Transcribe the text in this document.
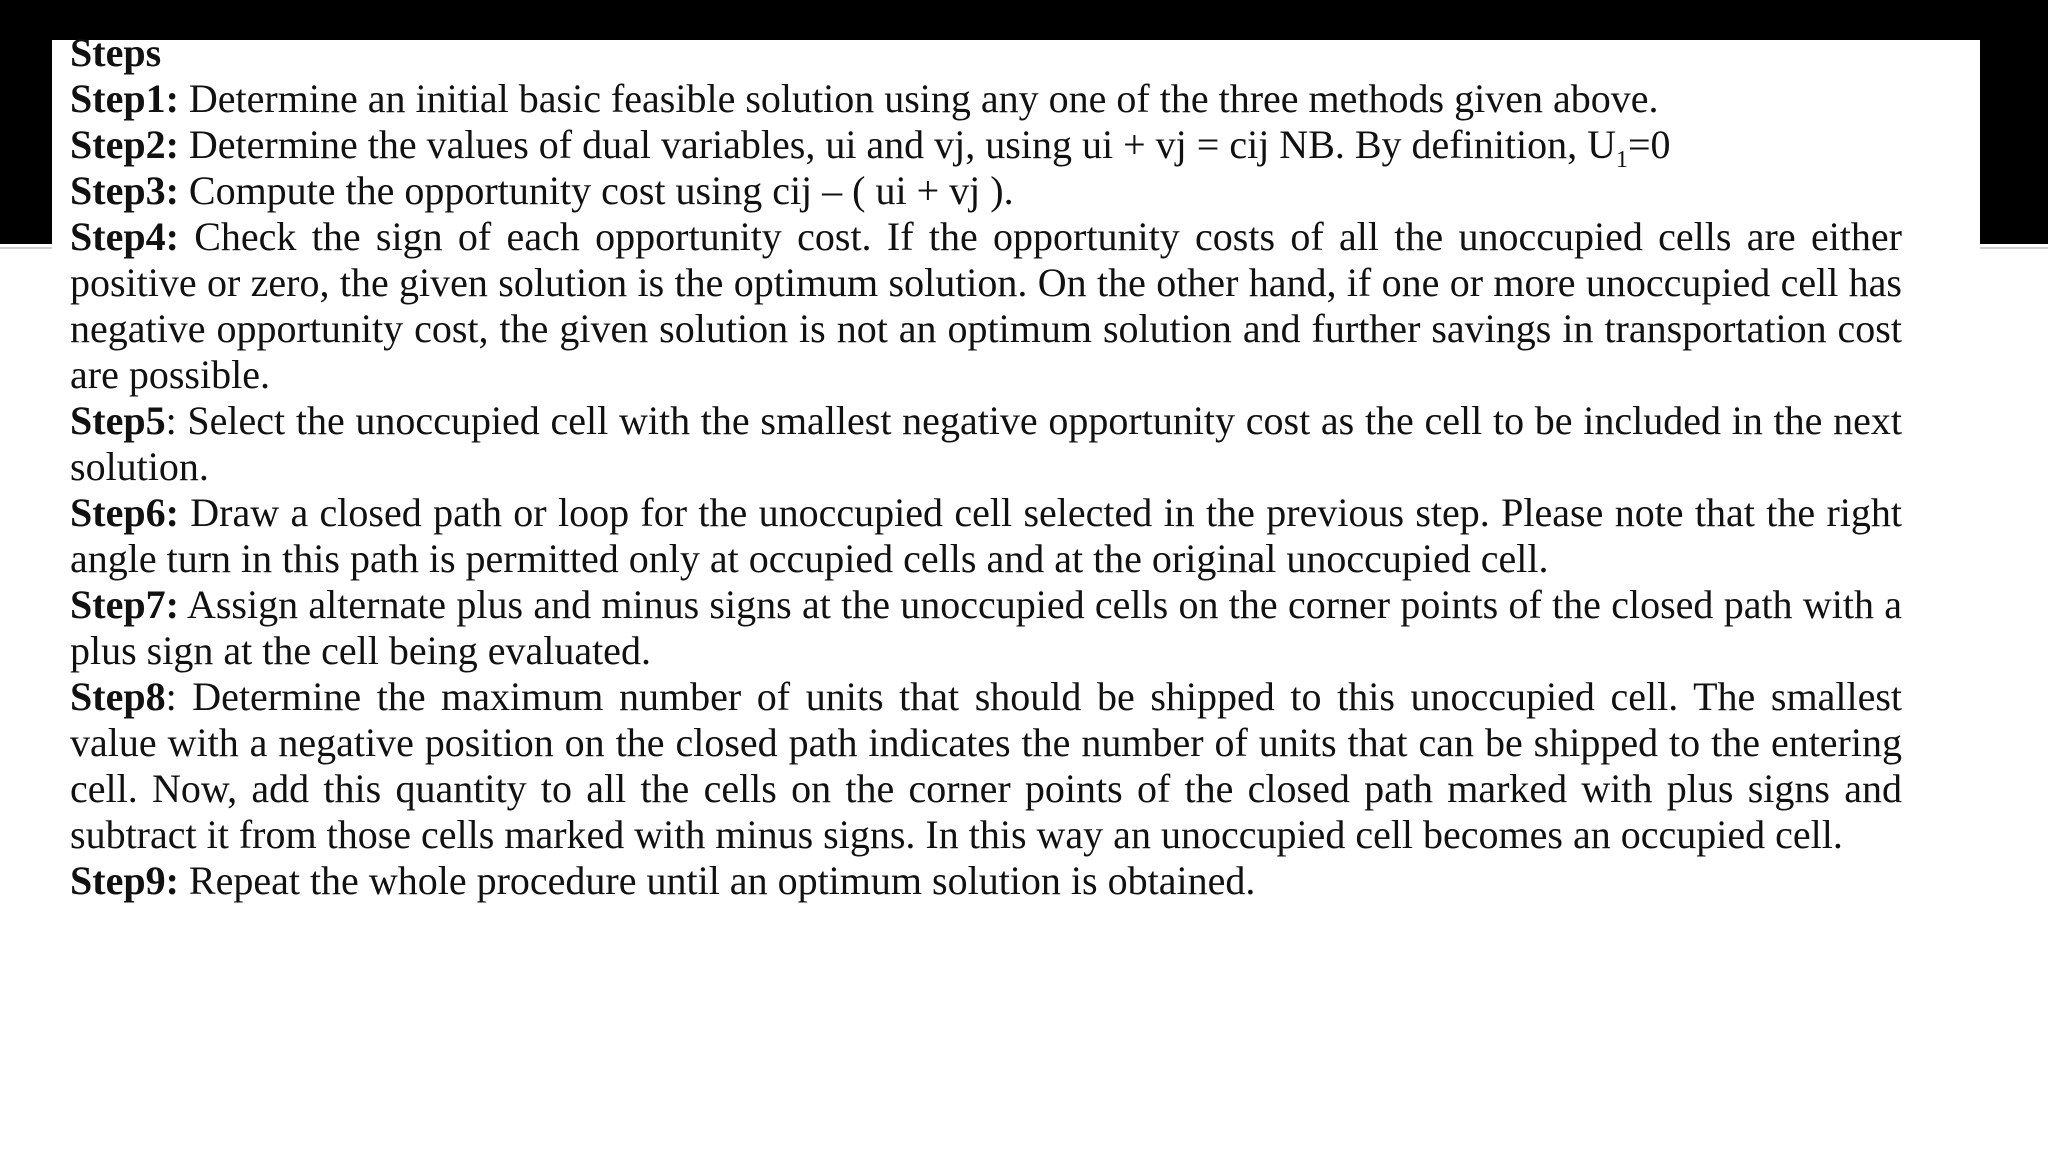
Steps

Step1: Determine an initial basic feasible solution using any one of the three methods given above.

Step2: Determine the values of dual variables, ui and vj, using ui + vj = cij NB. By definition, $U_1=0$

Step3: Compute the opportunity cost using cij – ( ui + vj ).

Step4: Check the sign of each opportunity cost. If the opportunity costs of all the unoccupied cells are either positive or zero, the given solution is the optimum solution. On the other hand, if one or more unoccupied cell has negative opportunity cost, the given solution is not an optimum solution and further savings in transportation cost are possible.

Step5: Select the unoccupied cell with the smallest negative opportunity cost as the cell to be included in the next solution.

Step6: Draw a closed path or loop for the unoccupied cell selected in the previous step. Please note that the right angle turn in this path is permitted only at occupied cells and at the original unoccupied cell.

Step7: Assign alternate plus and minus signs at the unoccupied cells on the corner points of the closed path with a plus sign at the cell being evaluated.

Step8: Determine the maximum number of units that should be shipped to this unoccupied cell. The smallest value with a negative position on the closed path indicates the number of units that can be shipped to the entering cell. Now, add this quantity to all the cells on the corner points of the closed path marked with plus signs and subtract it from those cells marked with minus signs. In this way an unoccupied cell becomes an occupied cell.

Step9: Repeat the whole procedure until an optimum solution is obtained.
